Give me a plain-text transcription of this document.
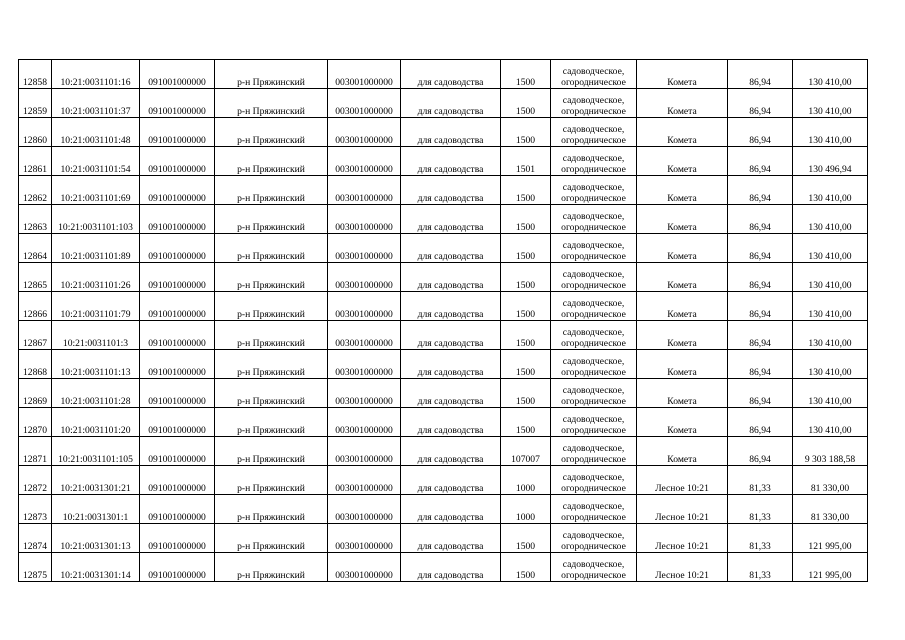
12858	10:21:0031101:16	091001000000	р-н Пряжинский	003001000000	для садоводства	1500	садоводческое,
огородническое	Комета	86,94	130 410,00
12859	10:21:0031101:37	091001000000	р-н Пряжинский	003001000000	для садоводства	1500	садоводческое,
огородническое	Комета	86,94	130 410,00
12860	10:21:0031101:48	091001000000	р-н Пряжинский	003001000000	для садоводства	1500	садоводческое,
огородническое	Комета	86,94	130 410,00
12861	10:21:0031101:54	091001000000	р-н Пряжинский	003001000000	для садоводства	1501	садоводческое,
огородническое	Комета	86,94	130 496,94
12862	10:21:0031101:69	091001000000	р-н Пряжинский	003001000000	для садоводства	1500	садоводческое,
огородническое	Комета	86,94	130 410,00
12863	10:21:0031101:103	091001000000	р-н Пряжинский	003001000000	для садоводства	1500	садоводческое,
огородническое	Комета	86,94	130 410,00
12864	10:21:0031101:89	091001000000	р-н Пряжинский	003001000000	для садоводства	1500	садоводческое,
огородническое	Комета	86,94	130 410,00
12865	10:21:0031101:26	091001000000	р-н Пряжинский	003001000000	для садоводства	1500	садоводческое,
огородническое	Комета	86,94	130 410,00
12866	10:21:0031101:79	091001000000	р-н Пряжинский	003001000000	для садоводства	1500	садоводческое,
огородническое	Комета	86,94	130 410,00
12867	10:21:0031101:3	091001000000	р-н Пряжинский	003001000000	для садоводства	1500	садоводческое,
огородническое	Комета	86,94	130 410,00
12868	10:21:0031101:13	091001000000	р-н Пряжинский	003001000000	для садоводства	1500	садоводческое,
огородническое	Комета	86,94	130 410,00
12869	10:21:0031101:28	091001000000	р-н Пряжинский	003001000000	для садоводства	1500	садоводческое,
огородническое	Комета	86,94	130 410,00
12870	10:21:0031101:20	091001000000	р-н Пряжинский	003001000000	для садоводства	1500	садоводческое,
огородническое	Комета	86,94	130 410,00
12871	10:21:0031101:105	091001000000	р-н Пряжинский	003001000000	для садоводства	107007	садоводческое,
огородническое	Комета	86,94	9 303 188,58
12872	10:21:0031301:21	091001000000	р-н Пряжинский	003001000000	для садоводства	1000	садоводческое,
огородническое	Лесное 10:21	81,33	81 330,00
12873	10:21:0031301:1	091001000000	р-н Пряжинский	003001000000	для садоводства	1000	садоводческое,
огородническое	Лесное 10:21	81,33	81 330,00
12874	10:21:0031301:13	091001000000	р-н Пряжинский	003001000000	для садоводства	1500	садоводческое,
огородническое	Лесное 10:21	81,33	121 995,00
12875	10:21:0031301:14	091001000000	р-н Пряжинский	003001000000	для садоводства	1500	садоводческое,
огородническое	Лесное 10:21	81,33	121 995,00
